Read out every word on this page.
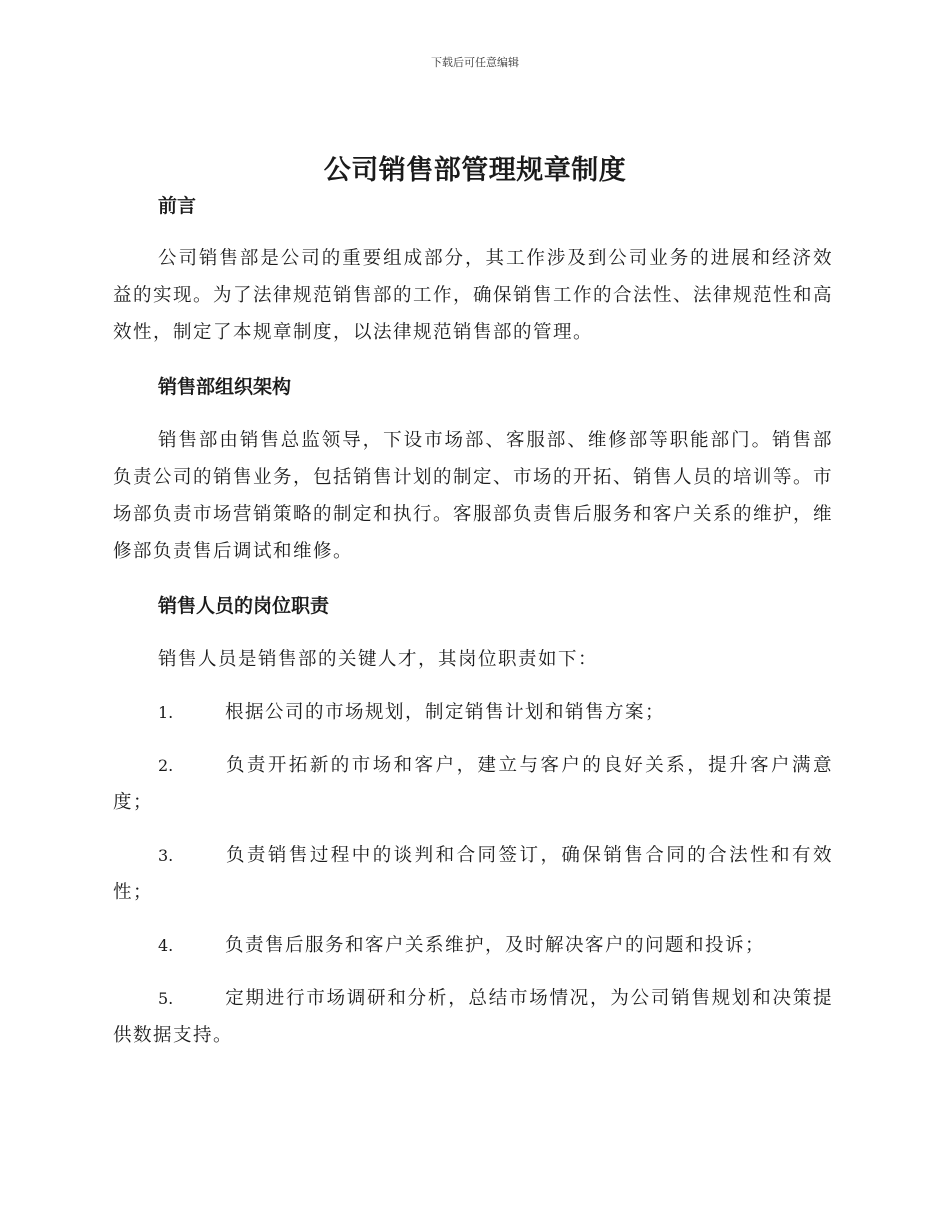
下载后可任意编辑
公司销售部管理规章制度
前言

公司销售部是公司的重要组成部分，其工作涉及到公司业务的进展和经济效益的实现。为了法律规范销售部的工作，确保销售工作的合法性、法律规范性和高效性，制定了本规章制度，以法律规范销售部的管理。

销售部组织架构

销售部由销售总监领导，下设市场部、客服部、维修部等职能部门。销售部负责公司的销售业务，包括销售计划的制定、市场的开拓、销售人员的培训等。市场部负责市场营销策略的制定和执行。客服部负责售后服务和客户关系的维护，维修部负责售后调试和维修。

销售人员的岗位职责

销售人员是销售部的关键人才，其岗位职责如下：

1.	根据公司的市场规划，制定销售计划和销售方案；

2.	负责开拓新的市场和客户，建立与客户的良好关系，提升客户满意度；

3.	负责销售过程中的谈判和合同签订，确保销售合同的合法性和有效性；

4.	负责售后服务和客户关系维护，及时解决客户的问题和投诉；

5.	定期进行市场调研和分析，总结市场情况，为公司销售规划和决策提供数据支持。
